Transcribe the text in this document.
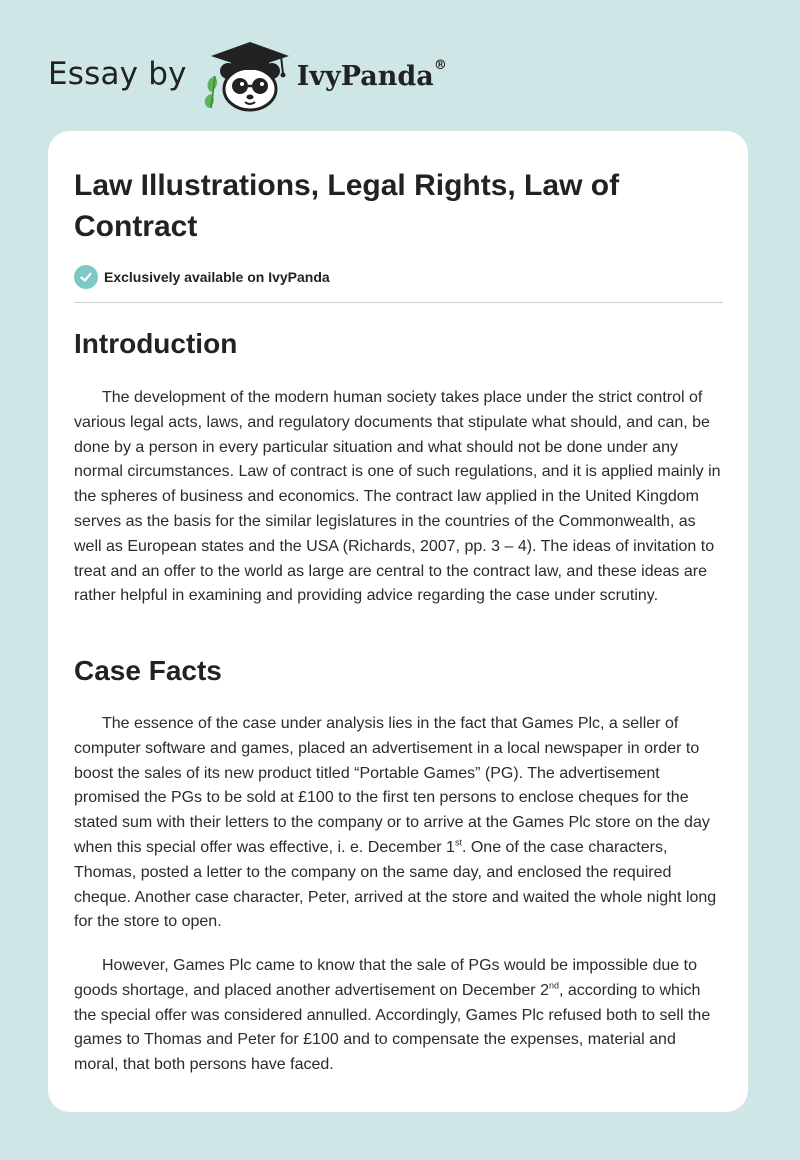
Essay by	IvyPanda®
Law Illustrations, Legal Rights, Law of Contract
Exclusively available on IvyPanda
Introduction

The development of the modern human society takes place under the strict control of various legal acts, laws, and regulatory documents that stipulate what should, and can, be done by a person in every particular situation and what should not be done under any normal circumstances. Law of contract is one of such regulations, and it is applied mainly in the spheres of business and economics. The contract law applied in the United Kingdom serves as the basis for the similar legislatures in the countries of the Commonwealth, as well as European states and the USA (Richards, 2007, pp. 3 – 4). The ideas of invitation to treat and an offer to the world as large are central to the contract law, and these ideas are rather helpful in examining and providing advice regarding the case under scrutiny.

Case Facts

The essence of the case under analysis lies in the fact that Games Plc, a seller of computer software and games, placed an advertisement in a local newspaper in order to boost the sales of its new product titled “Portable Games” (PG). The advertisement promised the PGs to be sold at £100 to the first ten persons to enclose cheques for the stated sum with their letters to the company or to arrive at the Games Plc store on the day when this special offer was effective, i. e. December 1st. One of the case characters, Thomas, posted a letter to the company on the same day, and enclosed the required cheque. Another case character, Peter, arrived at the store and waited the whole night long for the store to open.

However, Games Plc came to know that the sale of PGs would be impossible due to goods shortage, and placed another advertisement on December 2nd, according to which the special offer was considered annulled. Accordingly, Games Plc refused both to sell the games to Thomas and Peter for £100 and to compensate the expenses, material and moral, that both persons have faced.
